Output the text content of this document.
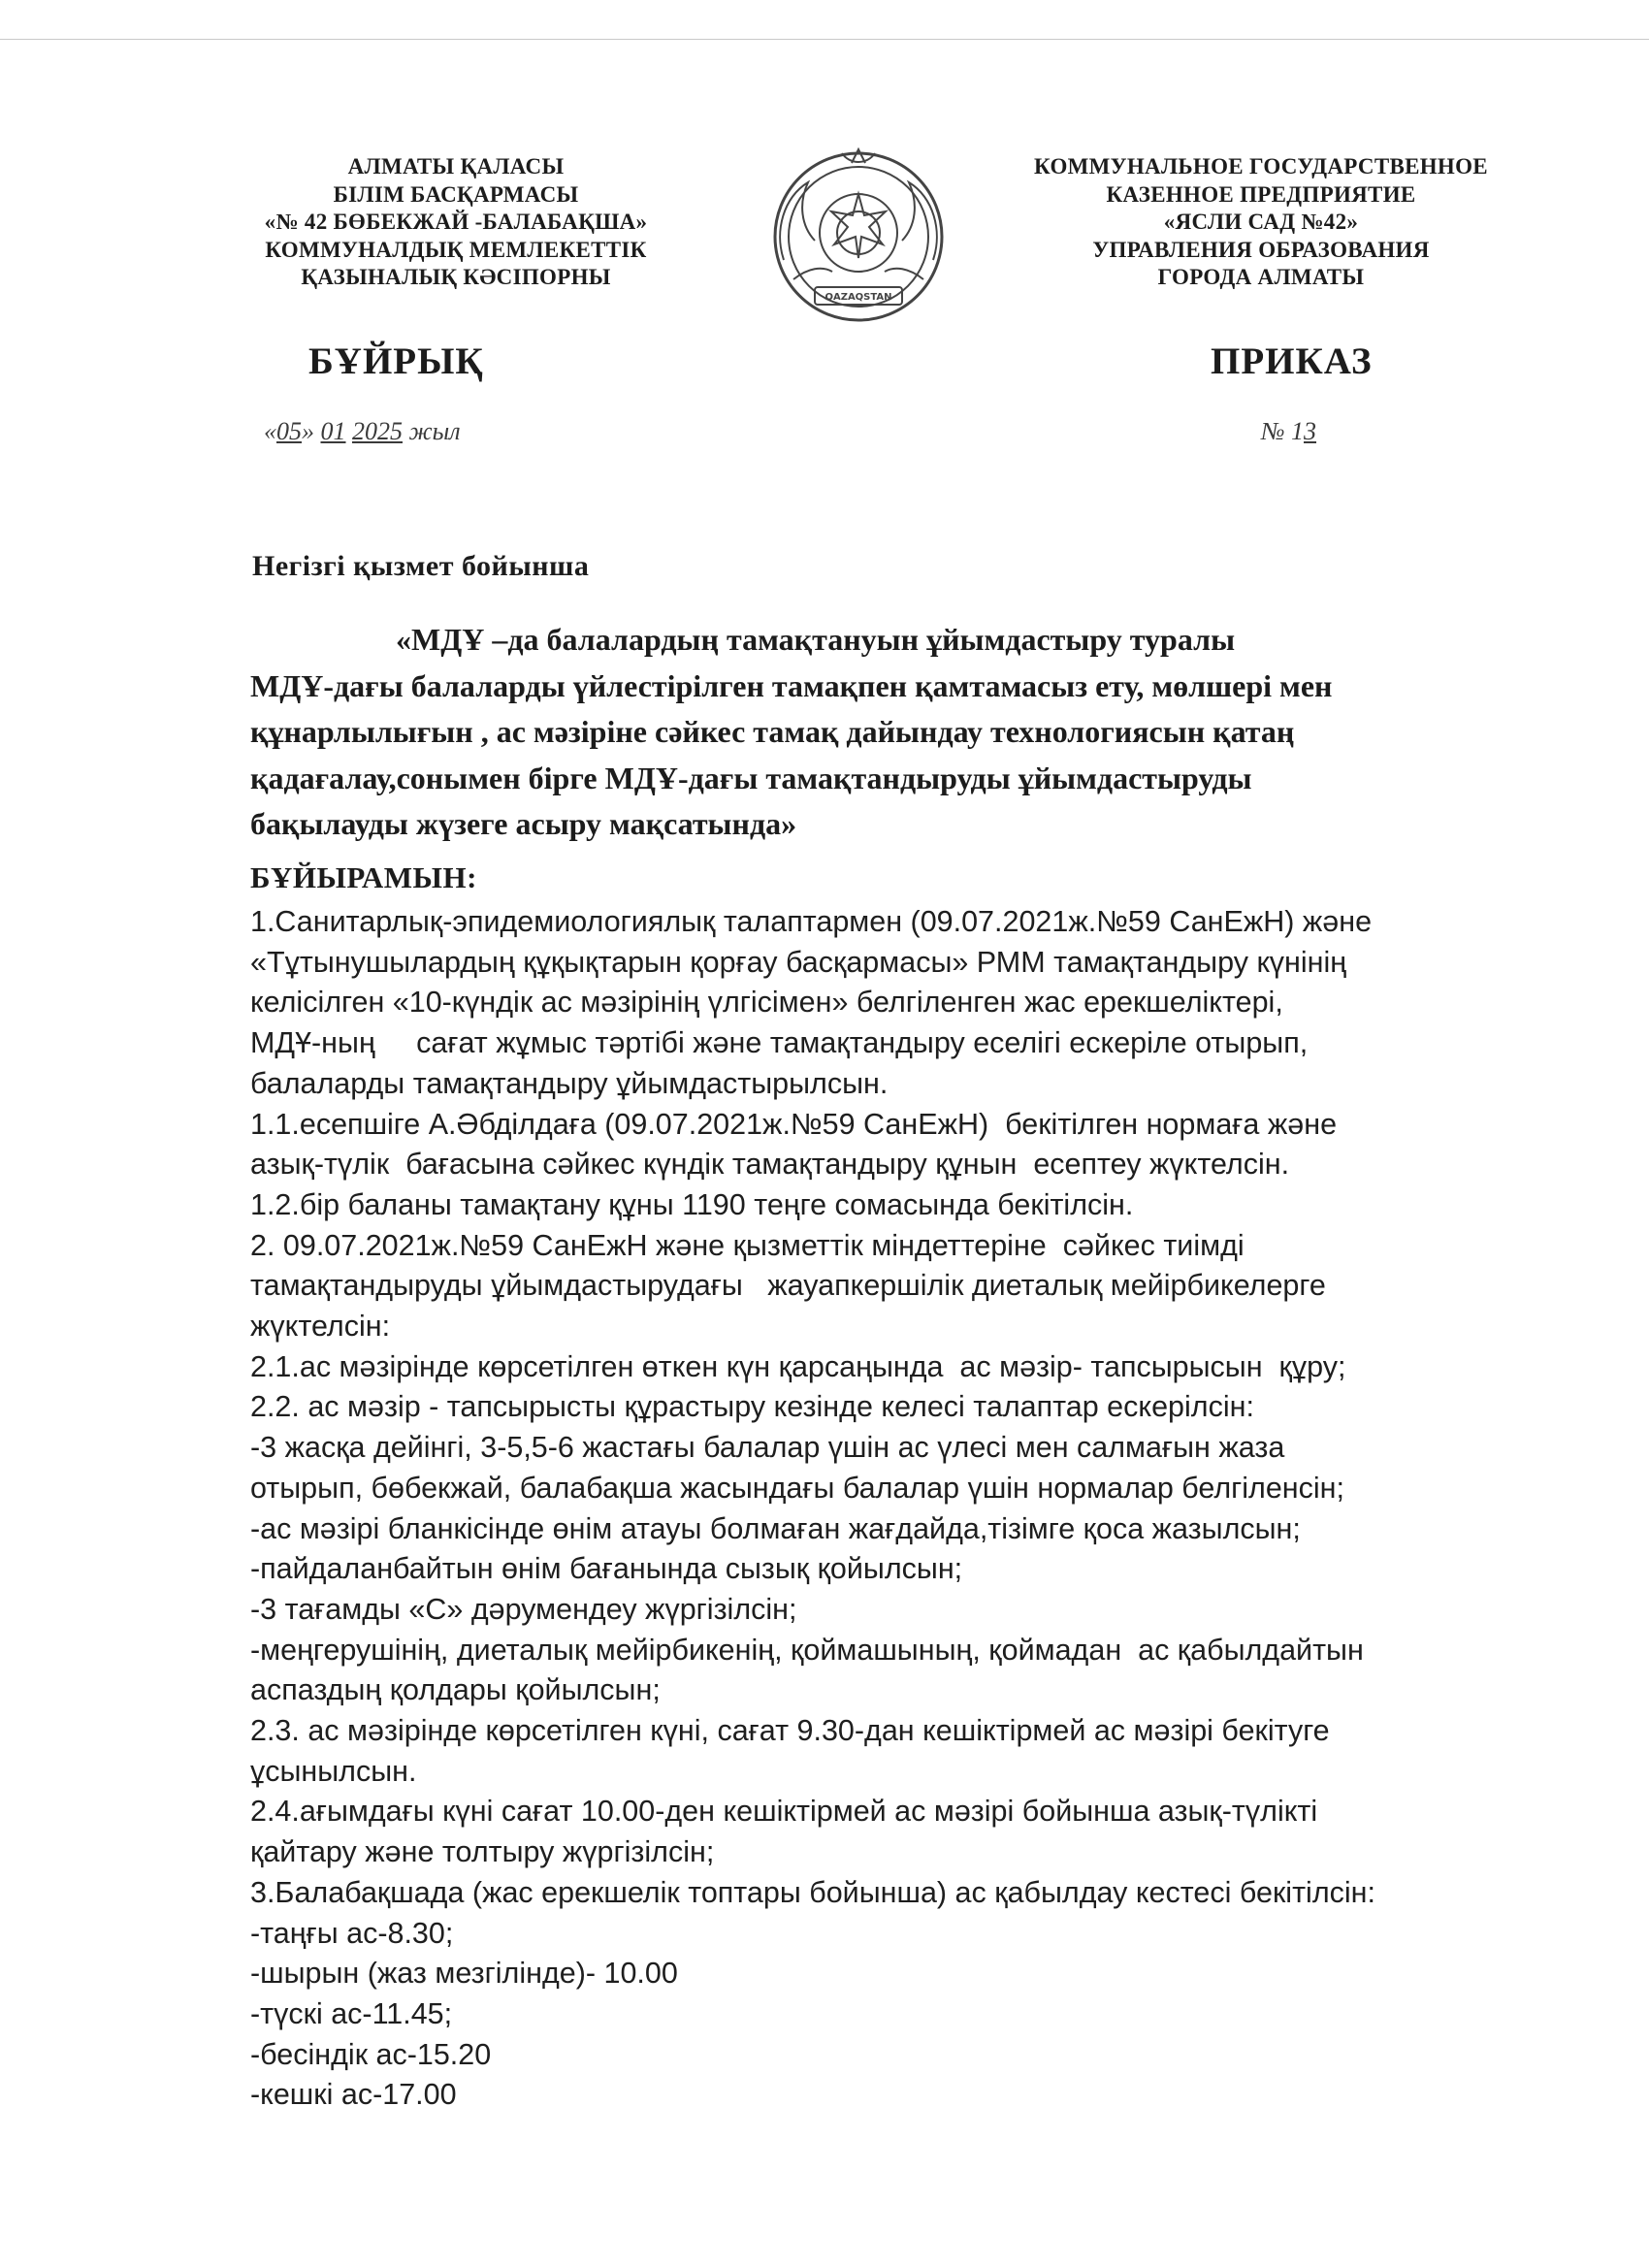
АЛМАТЫ ҚАЛАСЫ
БІЛІМ БАСҚАРМАСЫ
«№ 42 БӨБЕКЖАЙ -БАЛАБАҚША»
КОММУНАЛДЫҚ МЕМЛЕКЕТТІК
ҚАЗЫНАЛЫҚ КӘСІПОРНЫ
QAZAQSTAN
КОММУНАЛЬНОЕ ГОСУДАРСТВЕННОЕ
КАЗЕННОЕ ПРЕДПРИЯТИЕ
«ЯСЛИ САД №42»
УПРАВЛЕНИЯ ОБРАЗОВАНИЯ
ГОРОДА АЛМАТЫ
БҰЙРЫҚ	ПРИКАЗ
«05» 01 2025 жыл	№ 13
Негізгі қызмет бойынша
«МДҰ –да балалардың тамақтануын ұйымдастыру туралы
МДҰ-дағы балаларды үйлестірілген тамақпен қамтамасыз ету, мөлшері мен
құнарлылығын , ас мәзіріне сәйкес тамақ дайындау технологиясын қатаң
қадағалау,сонымен бірге МДҰ-дағы тамақтандыруды ұйымдастыруды
бақылауды жүзеге асыру мақсатында»
БҰЙЫРАМЫН:
1.Санитарлық-эпидемиологиялық талаптармен (09.07.2021ж.№59 СанЕжН) және
«Тұтынушылардың құқықтарын қорғау басқармасы» РММ тамақтандыру күнінің
келісілген «10-күндік ас мәзірінің үлгісімен» белгіленген жас ерекшеліктері,
МДҰ-ның     сағат жұмыс тәртібі және тамақтандыру еселігі ескеріле отырып,
балаларды тамақтандыру ұйымдастырылсын.
1.1.есепшіге А.Әбділдаға (09.07.2021ж.№59 СанЕжН)  бекітілген нормаға және
азық-түлік  бағасына сәйкес күндік тамақтандыру құнын  есептеу жүктелсін.
1.2.бір баланы тамақтану құны 1190 теңге сомасында бекітілсін.
2. 09.07.2021ж.№59 СанЕжН және қызметтік міндеттеріне  сәйкес тиімді
тамақтандыруды ұйымдастырудағы   жауапкершілік диеталық мейірбикелерге
жүктелсін:
2.1.ас мәзірінде көрсетілген өткен күн қарсаңында  ас мәзір- тапсырысын  құру;
2.2. ас мәзір - тапсырысты құрастыру кезінде келесі талаптар ескерілсін:
-3 жасқа дейінгі, 3-5,5-6 жастағы балалар үшін ас үлесі мен салмағын жаза
отырып, бөбекжай, балабақша жасындағы балалар үшін нормалар белгіленсін;
-ас мәзірі бланкісінде өнім атауы болмаған жағдайда,тізімге қоса жазылсын;
-пайдаланбайтын өнім бағанында сызық қойылсын;
-3 тағамды «С» дәрумендеу жүргізілсін;
-меңгерушінің, диеталық мейірбикенің, қоймашының, қоймадан  ас қабылдайтын
аспаздың қолдары қойылсын;
2.3. ас мәзірінде көрсетілген күні, сағат 9.30-дан кешіктірмей ас мәзірі бекітуге
ұсынылсын.
2.4.ағымдағы күні сағат 10.00-ден кешіктірмей ас мәзірі бойынша азық-түлікті
қайтару және толтыру жүргізілсін;
3.Балабақшада (жас ерекшелік топтары бойынша) ас қабылдау кестесі бекітілсін:
-таңғы ас-8.30;
-шырын (жаз мезгілінде)- 10.00
-түскі ас-11.45;
-бесіндік ас-15.20
-кешкі ас-17.00
